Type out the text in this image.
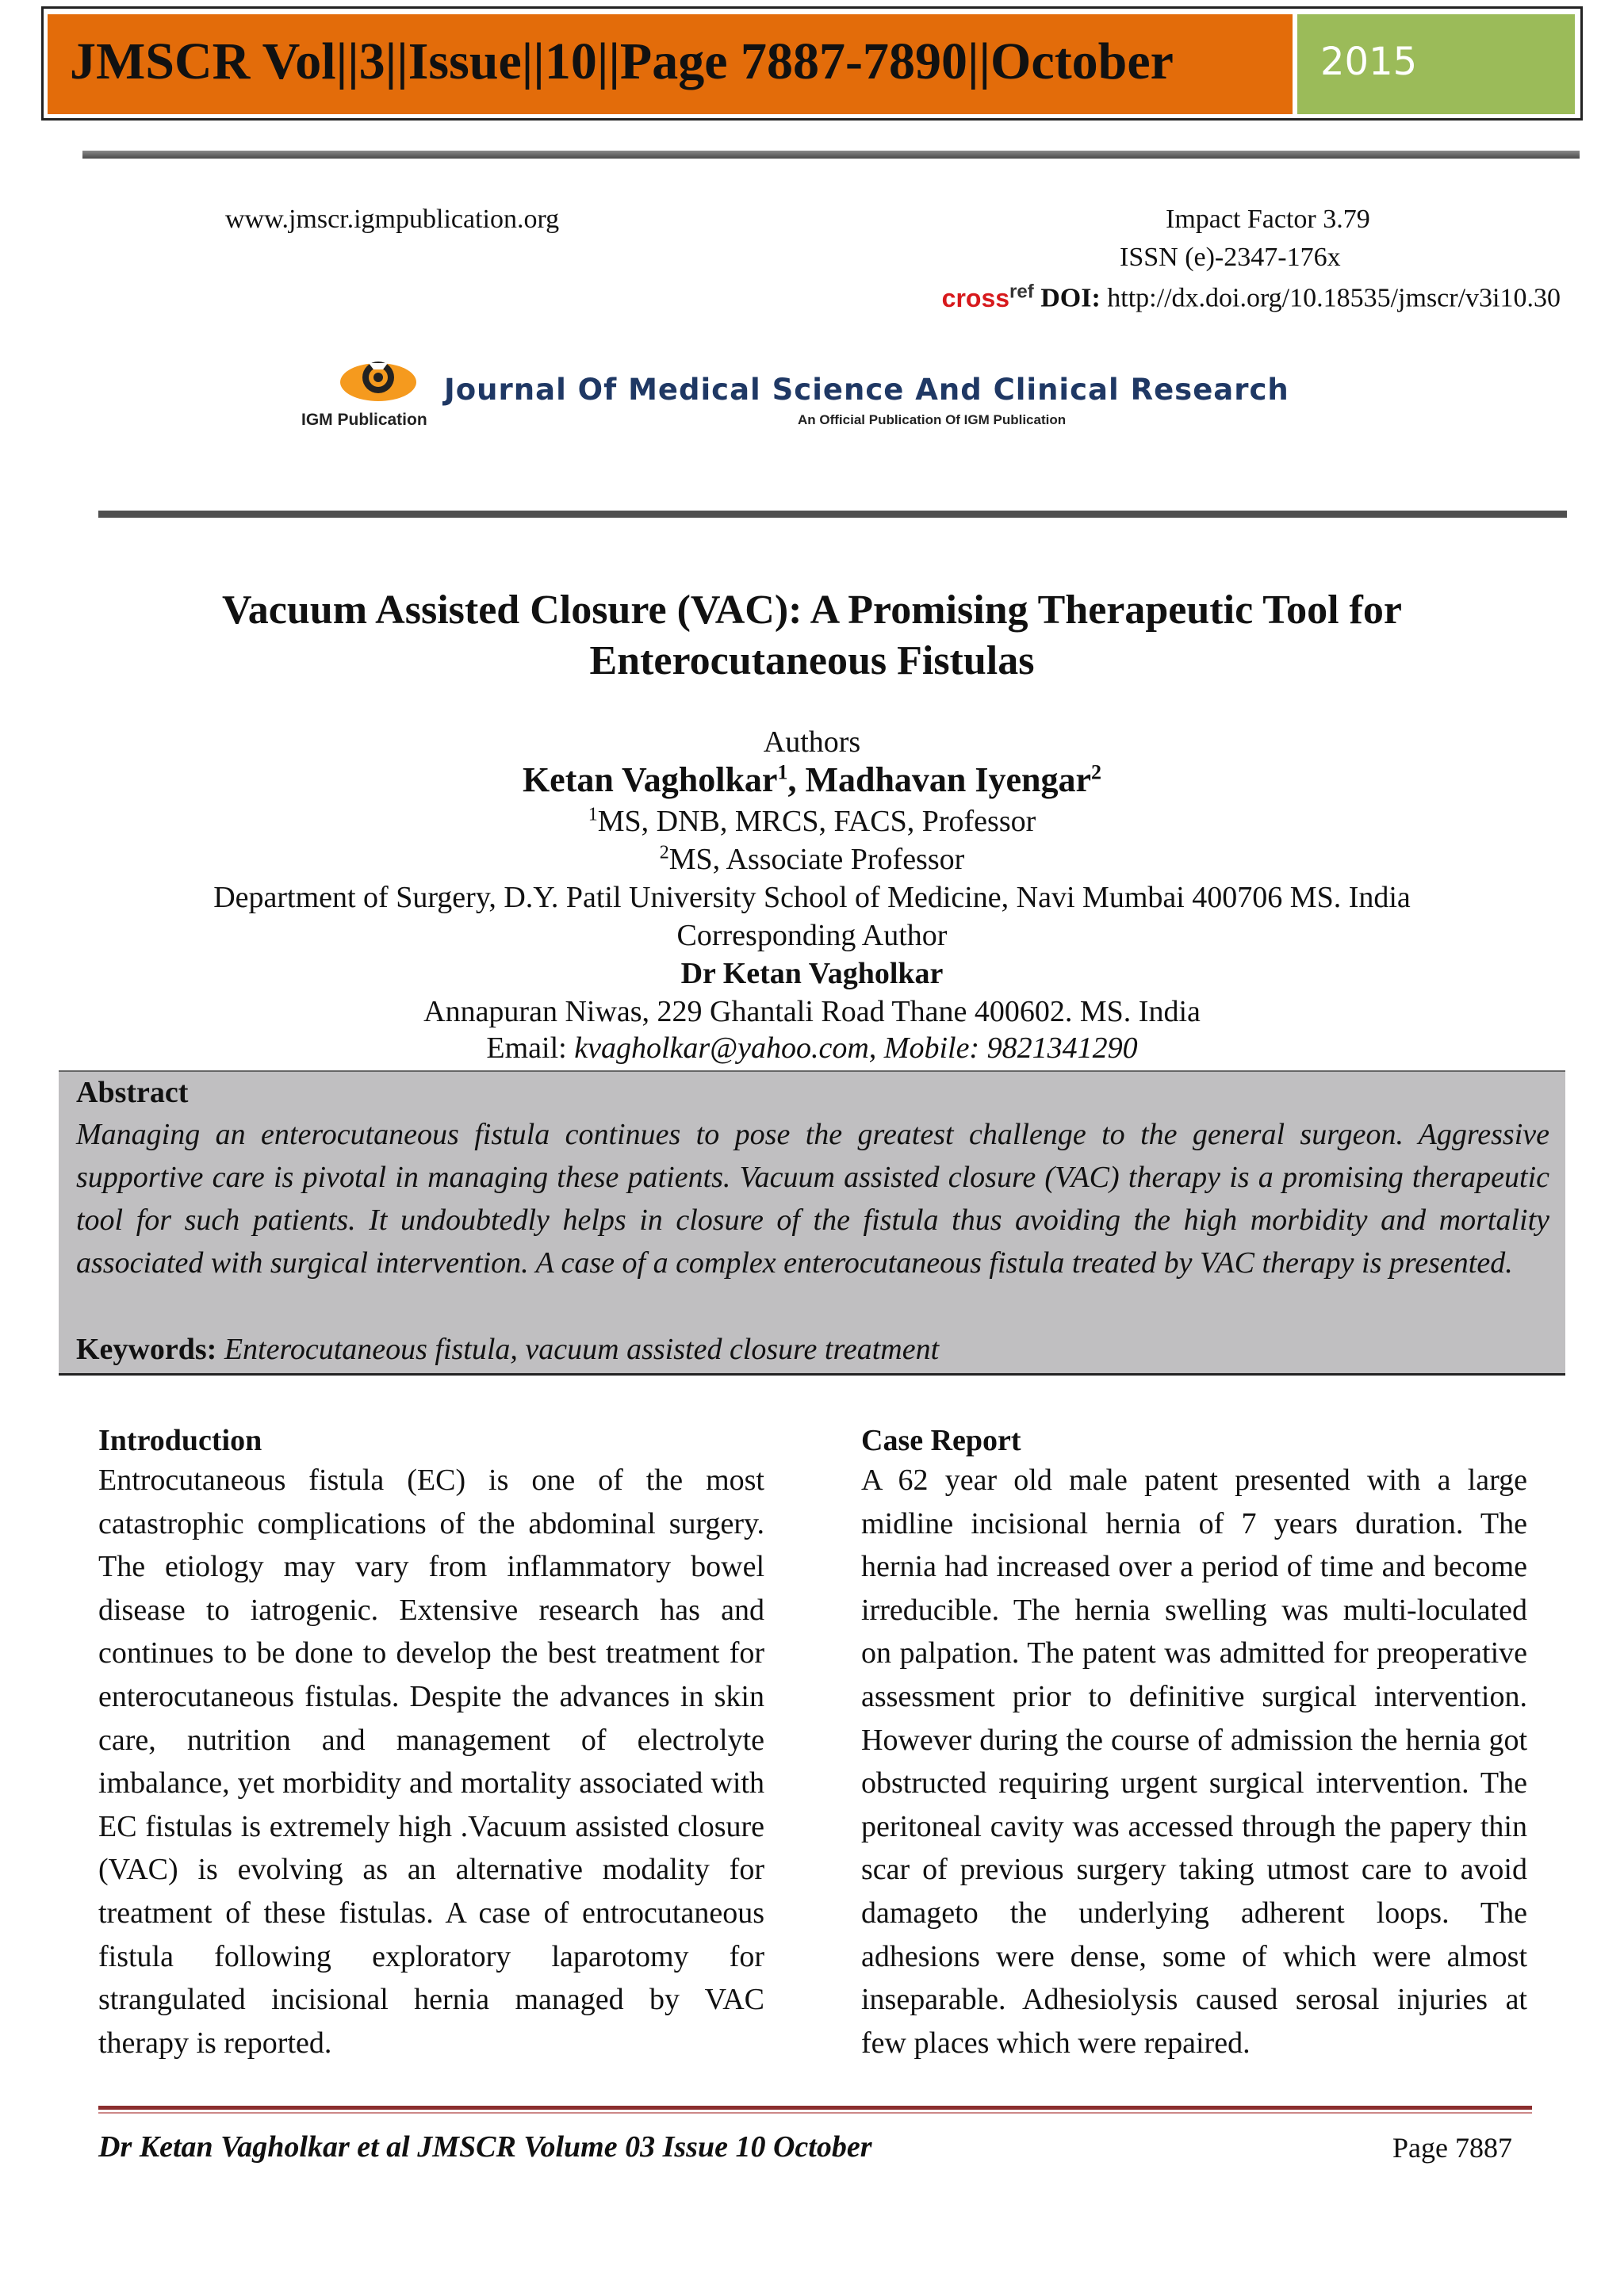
JMSCR Vol||3||Issue||10||Page 7887-7890||October	2015
www.jmscr.igmpublication.org	Impact Factor 3.79
ISSN (e)-2347-176x
cross$^{ref}$ DOI: http://dx.doi.org/10.18535/jmscr/v3i10.30
IGM Publication
Journal Of Medical Science And Clinical Research
An Official Publication Of IGM Publication
Vacuum Assisted Closure (VAC): A Promising Therapeutic Tool for
Enterocutaneous Fistulas
Authors
Ketan Vagholkar$^1$, Madhavan Iyengar$^2$
$^1$MS, DNB, MRCS, FACS, Professor
$^2$MS, Associate Professor
Department of Surgery, D.Y. Patil University School of Medicine, Navi Mumbai 400706 MS. India
Corresponding Author
Dr Ketan Vagholkar
Annapuran Niwas, 229 Ghantali Road Thane 400602. MS. India
Email: kvagholkar@yahoo.com, Mobile: 9821341290
Abstract
Managing an enterocutaneous fistula continues to pose the greatest challenge to the general surgeon. Aggressive supportive care is pivotal in managing these patients. Vacuum assisted closure (VAC) therapy is a promising therapeutic tool for such patients. It undoubtedly helps in closure of the fistula thus avoiding the high morbidity and mortality associated with surgical intervention. A case of a complex enterocutaneous fistula treated by VAC therapy is presented.
Keywords: Enterocutaneous fistula, vacuum assisted closure treatment
Introduction
Entrocutaneous fistula (EC) is one of the most catastrophic complications of the abdominal surgery. The etiology may vary from inflammatory bowel disease to iatrogenic. Extensive research has and continues to be done to develop the best treatment for enterocutaneous fistulas. Despite the advances in skin care, nutrition and management of electrolyte imbalance, yet morbidity and mortality associated with EC fistulas is extremely high .Vacuum assisted closure (VAC) is evolving as an alternative modality for treatment of these fistulas. A case of entrocutaneous fistula following exploratory laparotomy for strangulated incisional hernia managed by VAC therapy is reported.
Case Report
A 62 year old male patent presented with a large midline incisional hernia of 7 years duration. The hernia had increased over a period of time and become irreducible. The hernia swelling was multi-loculated on palpation. The patent was admitted for preoperative assessment prior to definitive surgical intervention. However during the course of admission the hernia got obstructed requiring urgent surgical intervention. The peritoneal cavity was accessed through the papery thin scar of previous surgery taking utmost care to avoid damageto the underlying adherent loops. The adhesions were dense, some of which were almost inseparable. Adhesiolysis caused serosal injuries at few places which were repaired.
Dr Ketan Vagholkar et al JMSCR Volume 03 Issue 10 October	Page 7887
